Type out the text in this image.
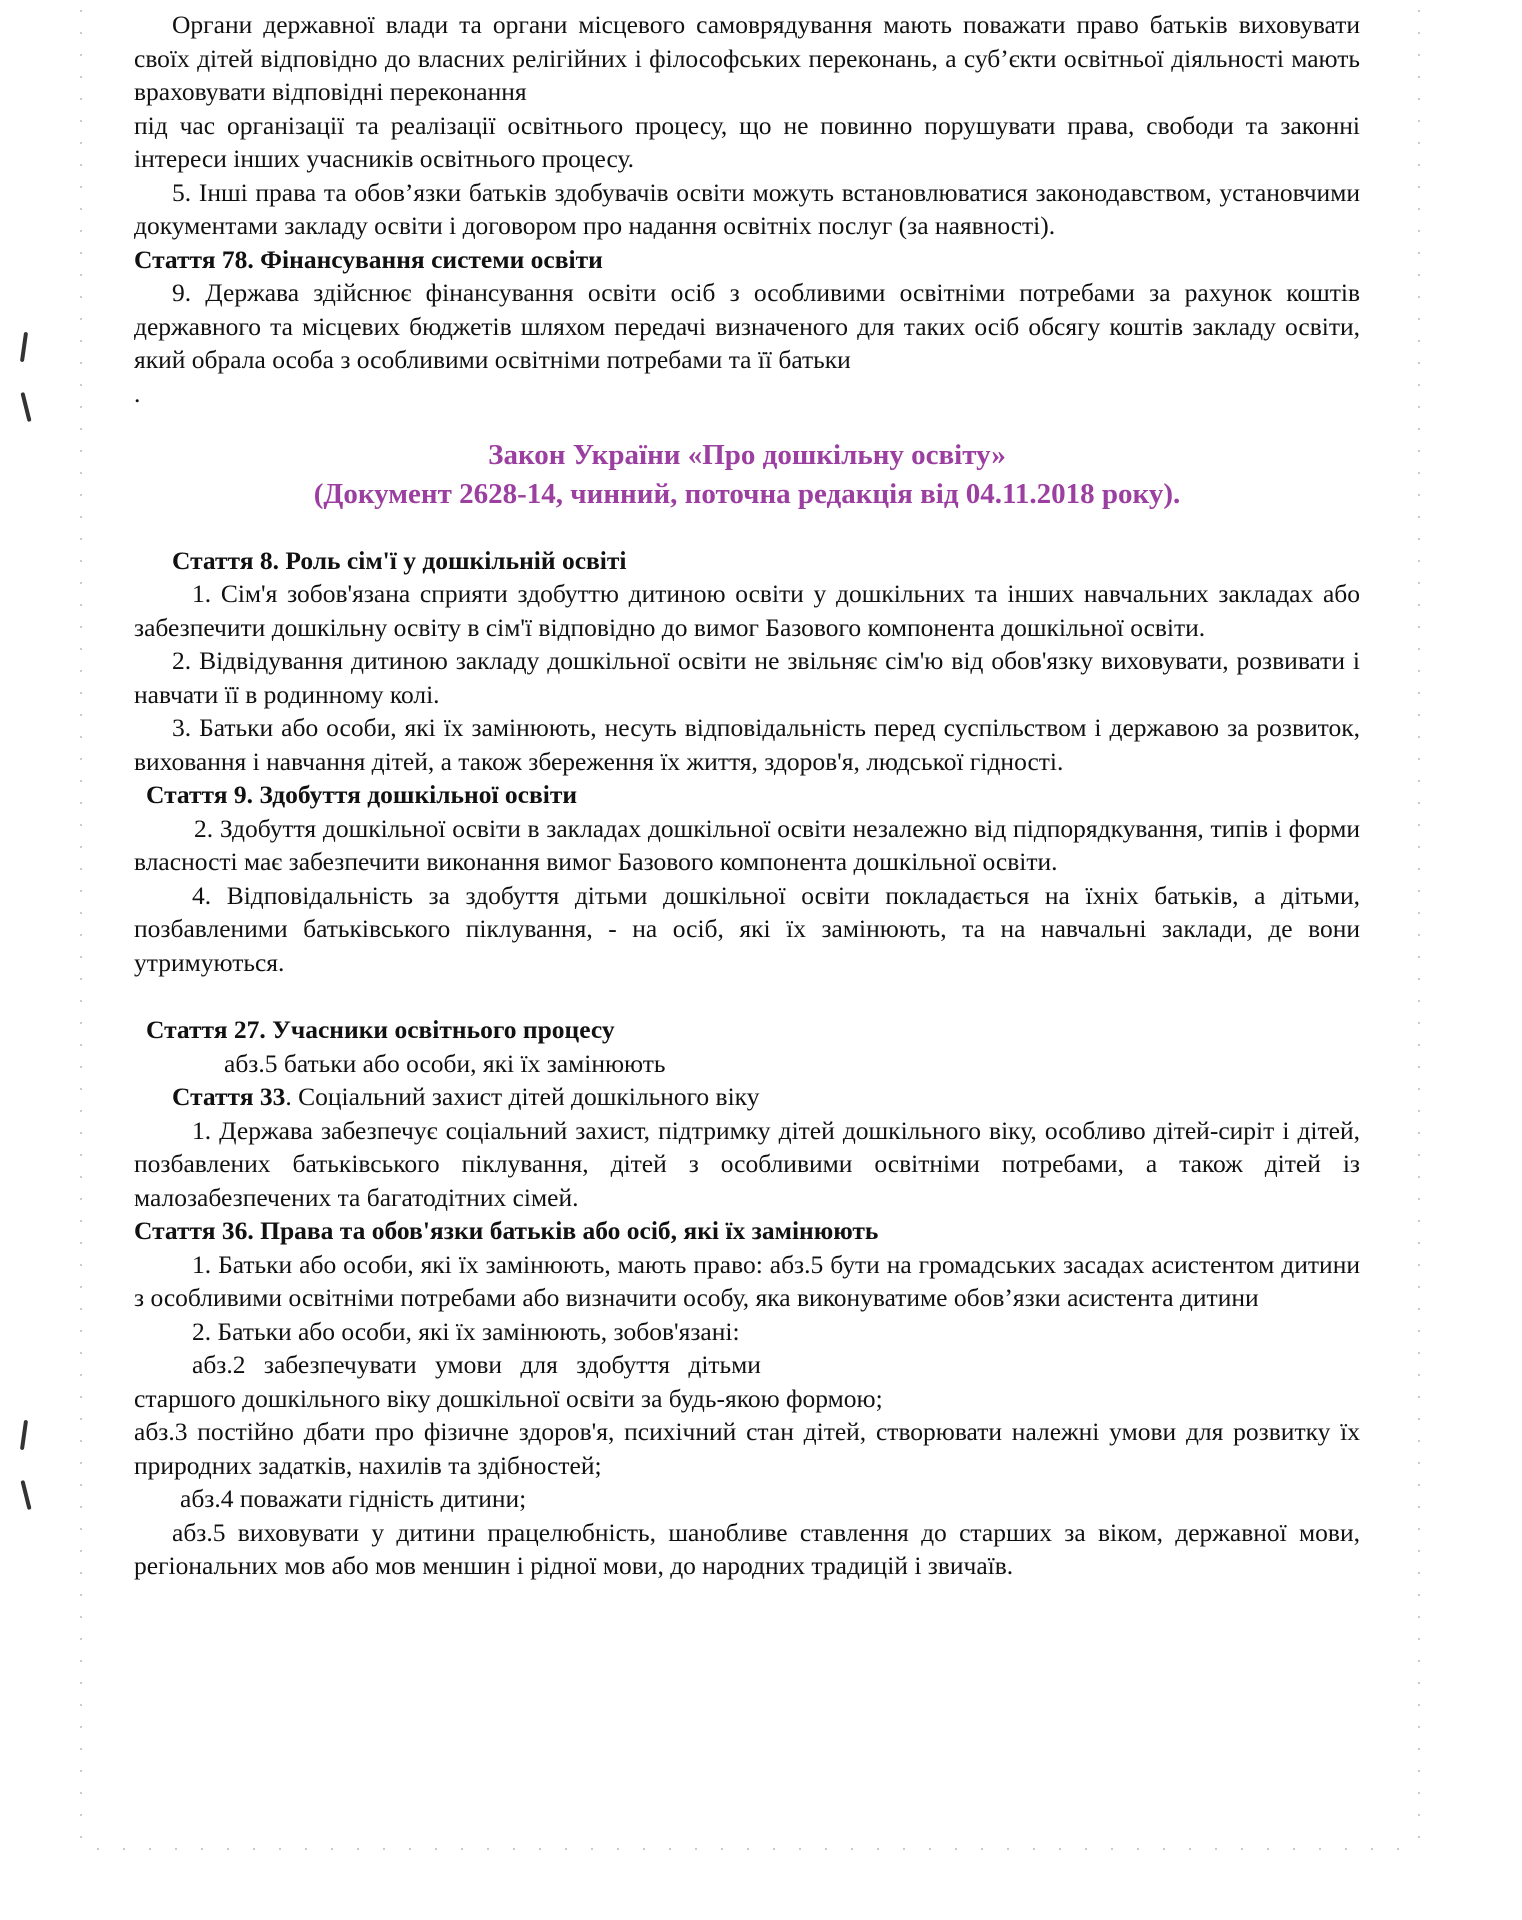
Органи державної влади та органи місцевого самоврядування мають поважати право батьків виховувати своїх дітей відповідно до власних релігійних і філософських переконань, а суб’єкти освітньої діяльності мають враховувати відповідні переконання

під час організації та реалізації освітнього процесу, що не повинно порушувати права, свободи та законні інтереси інших учасників освітнього процесу.

5. Інші права та обов’язки батьків здобувачів освіти можуть встановлюватися законодавством, установчими документами закладу освіти і договором про надання освітніх послуг (за наявності).

Стаття 78. Фінансування системи освіти

9. Держава здійснює фінансування освіти осіб з особливими освітніми потребами за рахунок коштів державного та місцевих бюджетів шляхом передачі визначеного для таких осіб обсягу коштів закладу освіти, який обрала особа з особливими освітніми потребами та її батьки

.

Закон України «Про дошкільну освіту»
(Документ 2628-14, чинний, поточна редакція від 04.11.2018 року).

Стаття 8. Роль сім'ї у дошкільній освіті

1. Сім'я зобов'язана сприяти здобуттю дитиною освіти у дошкільних та інших навчальних закладах або забезпечити дошкільну освіту в сім'ї відповідно до вимог Базового компонента дошкільної освіти.

2. Відвідування дитиною закладу дошкільної освіти не звільняє сім'ю від обов'язку виховувати, розвивати і навчати її в родинному колі.

3. Батьки або особи, які їх замінюють, несуть відповідальність перед суспільством і державою за розвиток, виховання і навчання дітей, а також збереження їх життя, здоров'я, людської гідності.

Стаття 9. Здобуття дошкільної освіти

2. Здобуття дошкільної освіти в закладах дошкільної освіти незалежно від підпорядкування, типів і форми власності має забезпечити виконання вимог Базового компонента дошкільної освіти.

4. Відповідальність за здобуття дітьми дошкільної освіти покладається на їхніх батьків, а дітьми, позбавленими батьківського піклування, - на осіб, які їх замінюють, та на навчальні заклади, де вони утримуються.

Стаття 27. Учасники освітнього процесу

абз.5 батьки або особи, які їх замінюють

Стаття 33. Соціальний захист дітей дошкільного віку

1. Держава забезпечує соціальний захист, підтримку дітей дошкільного віку, особливо дітей-сиріт і дітей, позбавлених батьківського піклування, дітей з особливими освітніми потребами, а також дітей із малозабезпечених та багатодітних сімей.

Стаття 36. Права та обов'язки батьків або осіб, які їх замінюють

1. Батьки або особи, які їх замінюють, мають право: абз.5 бути на громадських засадах асистентом дитини з особливими освітніми потребами або визначити особу, яка виконуватиме обов’язки асистента дитини

2. Батьки або особи, які їх замінюють, зобов'язані:

абз.2 забезпечувати умови для здобуття дітьми

старшого дошкільного віку дошкільної освіти за будь-якою формою;

абз.3 постійно дбати про фізичне здоров'я, психічний стан дітей, створювати належні умови для розвитку їх природних задатків, нахилів та здібностей;

абз.4 поважати гідність дитини;

абз.5 виховувати у дитини працелюбність, шанобливе ставлення до старших за віком, державної мови, регіональних мов або мов меншин і рідної мови, до народних традицій і звичаїв.
